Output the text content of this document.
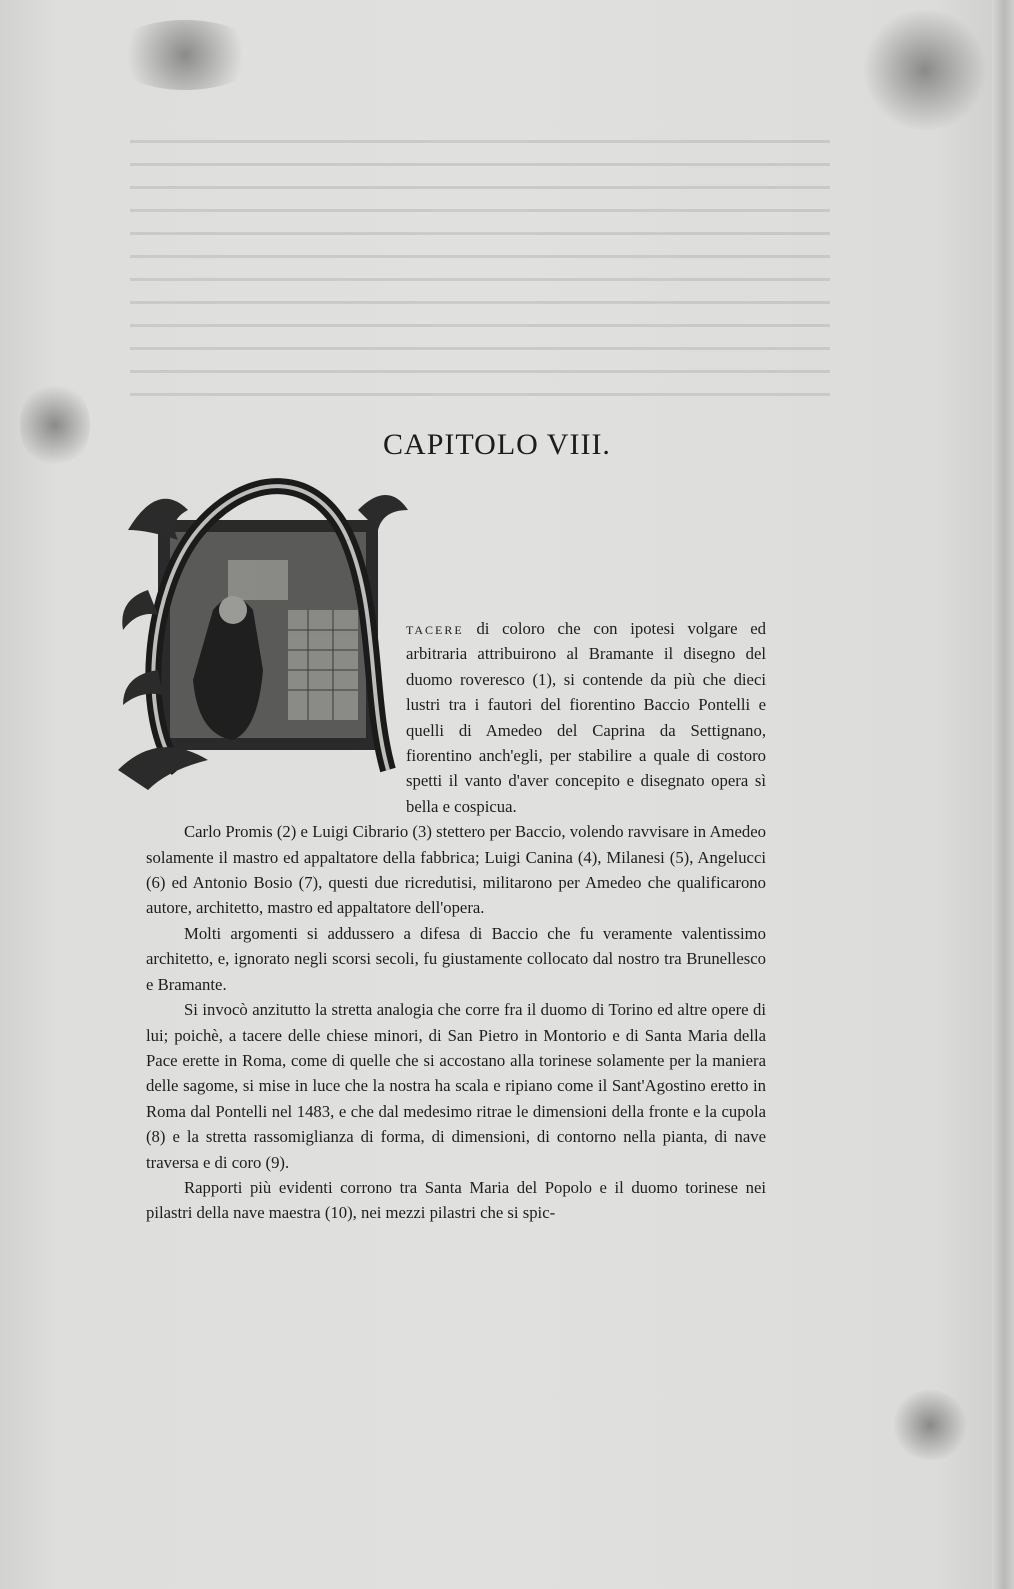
CAPITOLO VIII.

tacere di coloro che con ipotesi volgare ed arbitraria attribuirono al Bramante il disegno del duomo roveresco (1), si contende da più che dieci lustri tra i fautori del fiorentino Baccio Pontelli e quelli di Amedeo del Caprina da Settignano, fiorentino anch'egli, per stabilire a quale di costoro spetti il vanto d'aver concepito e disegnato opera sì bella e cospicua.

Carlo Promis (2) e Luigi Cibrario (3) stettero per Baccio, volendo ravvisare in Amedeo solamente il mastro ed appaltatore della fabbrica; Luigi Canina (4), Milanesi (5), Angelucci (6) ed Antonio Bosio (7), questi due ricredutisi, militarono per Amedeo che qualificarono autore, architetto, mastro ed appaltatore dell'opera.

Molti argomenti si addussero a difesa di Baccio che fu veramente valentissimo architetto, e, ignorato negli scorsi secoli, fu giustamente collocato dal nostro tra Brunellesco e Bramante.

Si invocò anzitutto la stretta analogia che corre fra il duomo di Torino ed altre opere di lui; poichè, a tacere delle chiese minori, di San Pietro in Montorio e di Santa Maria della Pace erette in Roma, come di quelle che si accostano alla torinese solamente per la maniera delle sagome, si mise in luce che la nostra ha scala e ripiano come il Sant'Agostino eretto in Roma dal Pontelli nel 1483, e che dal medesimo ritrae le dimensioni della fronte e la cupola (8) e la stretta rassomiglianza di forma, di dimensioni, di contorno nella pianta, di nave traversa e di coro (9).

Rapporti più evidenti corrono tra Santa Maria del Popolo e il duomo torinese nei pilastri della nave maestra (10), nei mezzi pilastri che si spic-
